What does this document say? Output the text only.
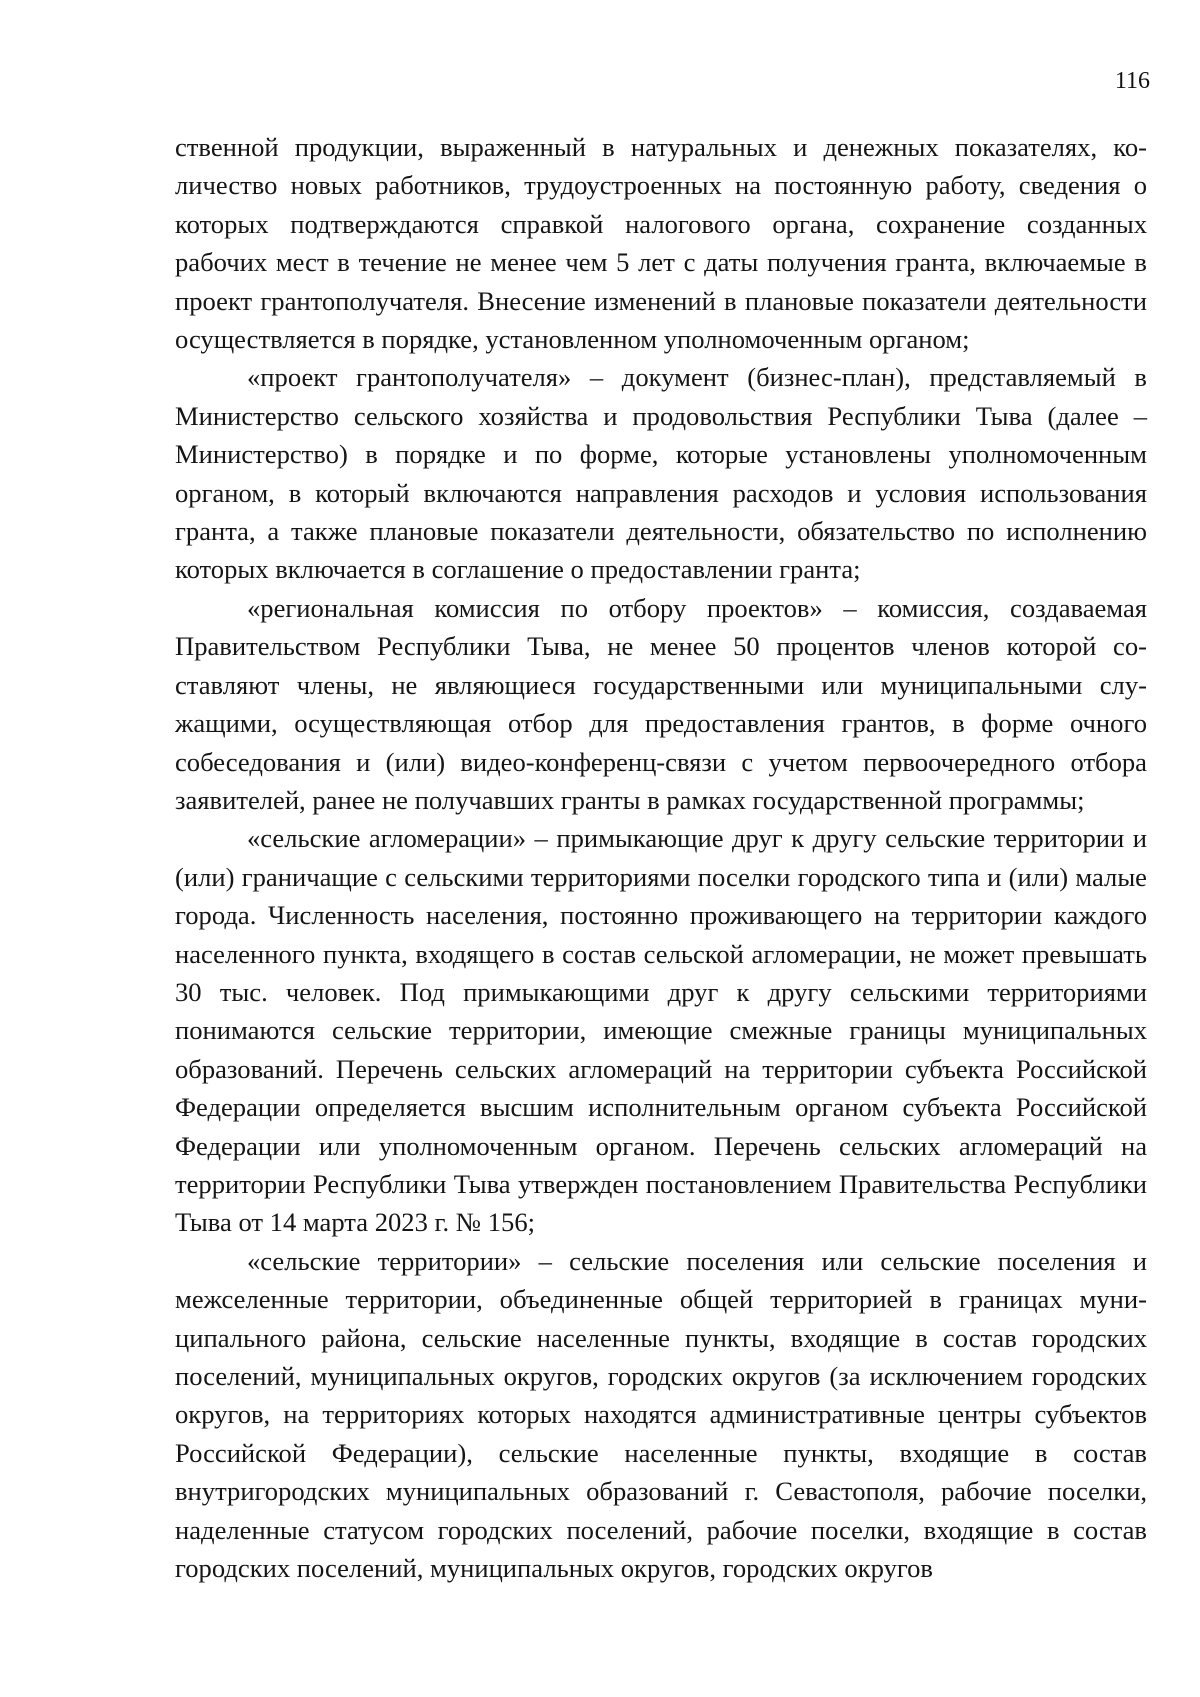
116

ственной продукции, выраженный в натуральных и денежных показателях, количество новых работников, трудоустроенных на постоянную работу, сведения о которых подтверждаются справкой налогового органа, сохранение созданных рабочих мест в течение не менее чем 5 лет с даты получения гранта, включаемые в проект грантополучателя. Внесение изменений в плановые показатели деятельности осуществляется в порядке, установленном уполномоченным органом;

«проект грантополучателя» – документ (бизнес-план), представляемый в Министерство сельского хозяйства и продовольствия Республики Тыва (далее – Министерство) в порядке и по форме, которые установлены уполномоченным органом, в который включаются направления расходов и условия использования гранта, а также плановые показатели деятельности, обязательство по исполнению которых включается в соглашение о предоставлении гранта;

«региональная комиссия по отбору проектов» – комиссия, создаваемая Правительством Республики Тыва, не менее 50 процентов членов которой составляют члены, не являющиеся государственными или муниципальными служащими, осуществляющая отбор для предоставления грантов, в форме очного собеседования и (или) видео-конференц-связи с учетом первоочередного отбора заявителей, ранее не получавших гранты в рамках государственной программы;

«сельские агломерации» – примыкающие друг к другу сельские территории и (или) граничащие с сельскими территориями поселки городского типа и (или) малые города. Численность населения, постоянно проживающего на территории каждого населенного пункта, входящего в состав сельской агломерации, не может превышать 30 тыс. человек. Под примыкающими друг к другу сельскими территориями понимаются сельские территории, имеющие смежные границы муниципальных образований. Перечень сельских агломераций на территории субъекта Российской Федерации определяется высшим исполнительным органом субъекта Российской Федерации или уполномоченным органом. Перечень сельских агломераций на территории Республики Тыва утвержден постановлением Правительства Республики Тыва от 14 марта 2023 г. № 156;

«сельские территории» – сельские поселения или сельские поселения и межселенные территории, объединенные общей территорией в границах муниципального района, сельские населенные пункты, входящие в состав городских поселений, муниципальных округов, городских округов (за исключением городских округов, на территориях которых находятся административные центры субъектов Российской Федерации), сельские населенные пункты, входящие в состав внутригородских муниципальных образований г. Севастополя, рабочие поселки, наделенные статусом городских поселений, рабочие поселки, входящие в состав городских поселений, муниципальных округов, городских округов
